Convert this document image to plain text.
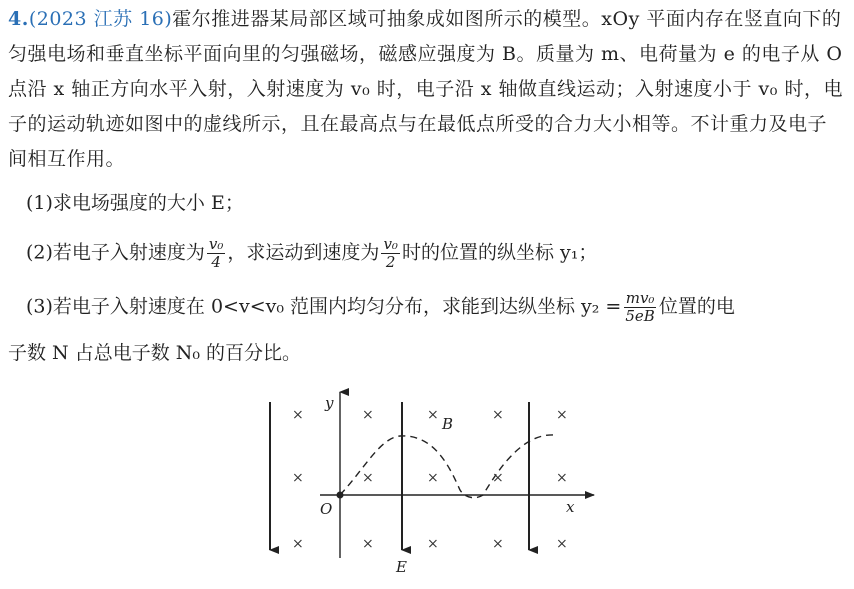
4.(2023 江苏 16)霍尔推进器某局部区域可抽象成如图所示的模型。xOy 平面内存在竖直向下的匀强电场和垂直坐标平面向里的匀强磁场，磁感应强度为 B。质量为 m、电荷量为 e 的电子从 O 点沿 x 轴正方向水平入射，入射速度为 v₀ 时，电子沿 x 轴做直线运动；入射速度小于 v₀ 时，电子的运动轨迹如图中的虚线所示，且在最高点与在最低点所受的合力大小相等。不计重力及电子间相互作用。

(1)求电场强度的大小 E；

(2)若电子入射速度为 $\frac{\text{v₀}}{4}$ ，求运动到速度为 $\frac{\text{v₀}}{2}$ 时的位置的纵坐标 y₁；

(3)若电子入射速度在 0<v<v₀ 范围内均匀分布，求能到达纵坐标 $y_2 = \frac{\text{mv₀}}{5eB}$ 位置的电

子数 N 占总电子数 N₀ 的百分比。

y
x
O
B
E
×	×	×	×	×
×	×	×	×	×
×	×	×	×	×
